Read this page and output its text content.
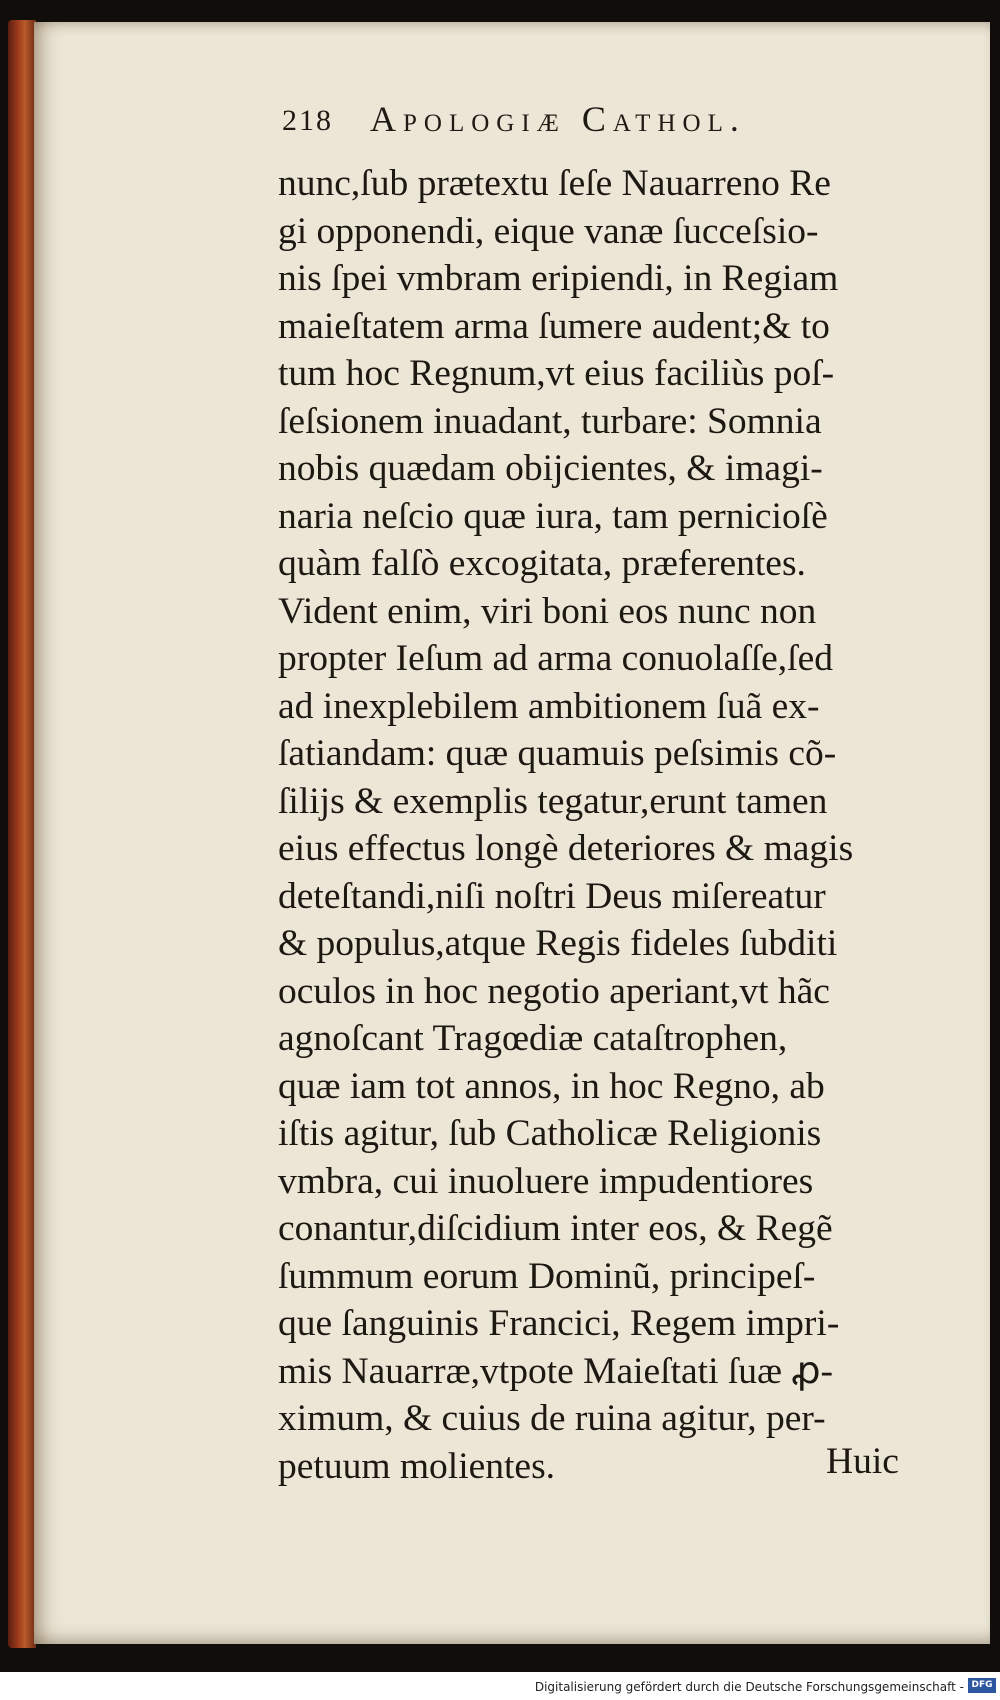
218 Apologiæ Cathol.
nunc,ſub prætextu ſeſe Nauarreno Re
gi opponendi, eique vanæ ſucceſsio-
nis ſpei vmbram eripiendi, in Regiam
maieſtatem arma ſumere audent;& to
tum hoc Regnum,vt eius faciliùs poſ-
ſeſsionem inuadant, turbare: Somnia
nobis quædam obijcientes, & imagi-
naria neſcio quæ iura, tam pernicioſè
quàm falſò excogitata, præferentes.
Vident enim, viri boni eos nunc non
propter Ieſum ad arma conuolaſſe,ſed
ad inexplebilem ambitionem ſuã ex-
ſatiandam: quæ quamuis peſsimis cõ-
ſilijs & exemplis tegatur,erunt tamen
eius effectus longè deteriores & magis
deteſtandi,niſi noſtri Deus miſereatur
& populus,atque Regis fideles ſubditi
oculos in hoc negotio aperiant,vt hãc
agnoſcant Tragœdiæ cataſtrophen,
quæ iam tot annos, in hoc Regno, ab
iſtis agitur, ſub Catholicæ Religionis
vmbra, cui inuoluere impudentiores
conantur,diſcidium inter eos, & Regẽ
ſummum eorum Dominũ, principeſ-
que ſanguinis Francici, Regem impri-
mis Nauarræ,vtpote Maieſtati ſuæ ꝓ-
ximum, & cuius de ruina agitur, per-
petuum molientes.	Huic
Digitalisierung gefördert durch die Deutsche Forschungsgemeinschaft - DFG
